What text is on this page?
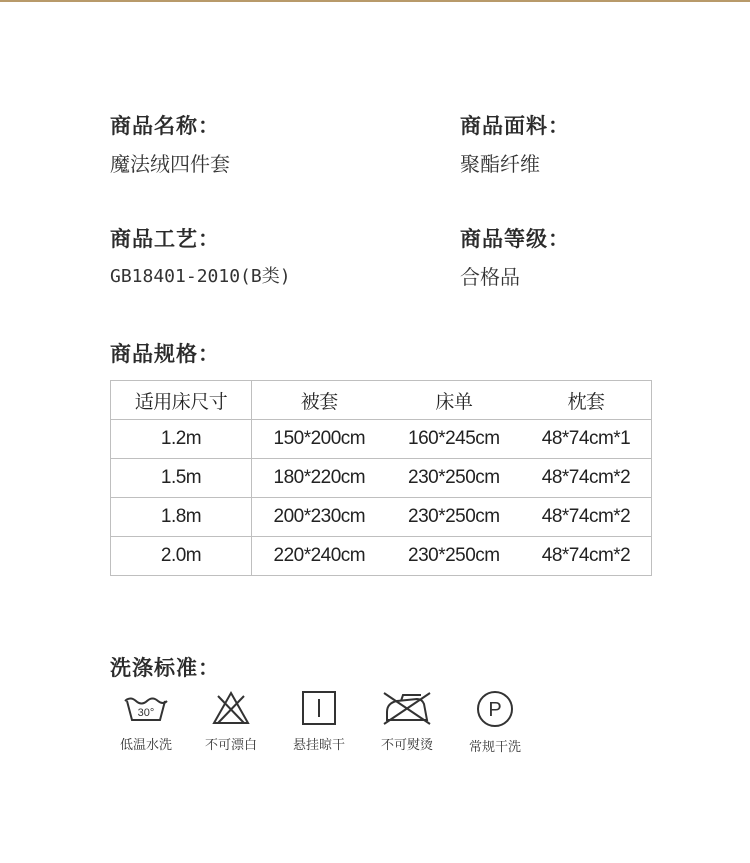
商品名称：
魔法绒四件套
商品面料：
聚酯纤维
商品工艺：
GB18401-2010(B类)
商品等级：
合格品
商品规格：
适用床尺寸	被套	床单	枕套
1.2m	150*200cm	160*245cm	48*74cm*1
1.5m	180*220cm	230*250cm	48*74cm*2
1.8m	200*230cm	230*250cm	48*74cm*2
2.0m	220*240cm	230*250cm	48*74cm*2
洗涤标准：
30°
低温水洗	不可漂白	悬挂晾干	不可熨烫
P
常规干洗
